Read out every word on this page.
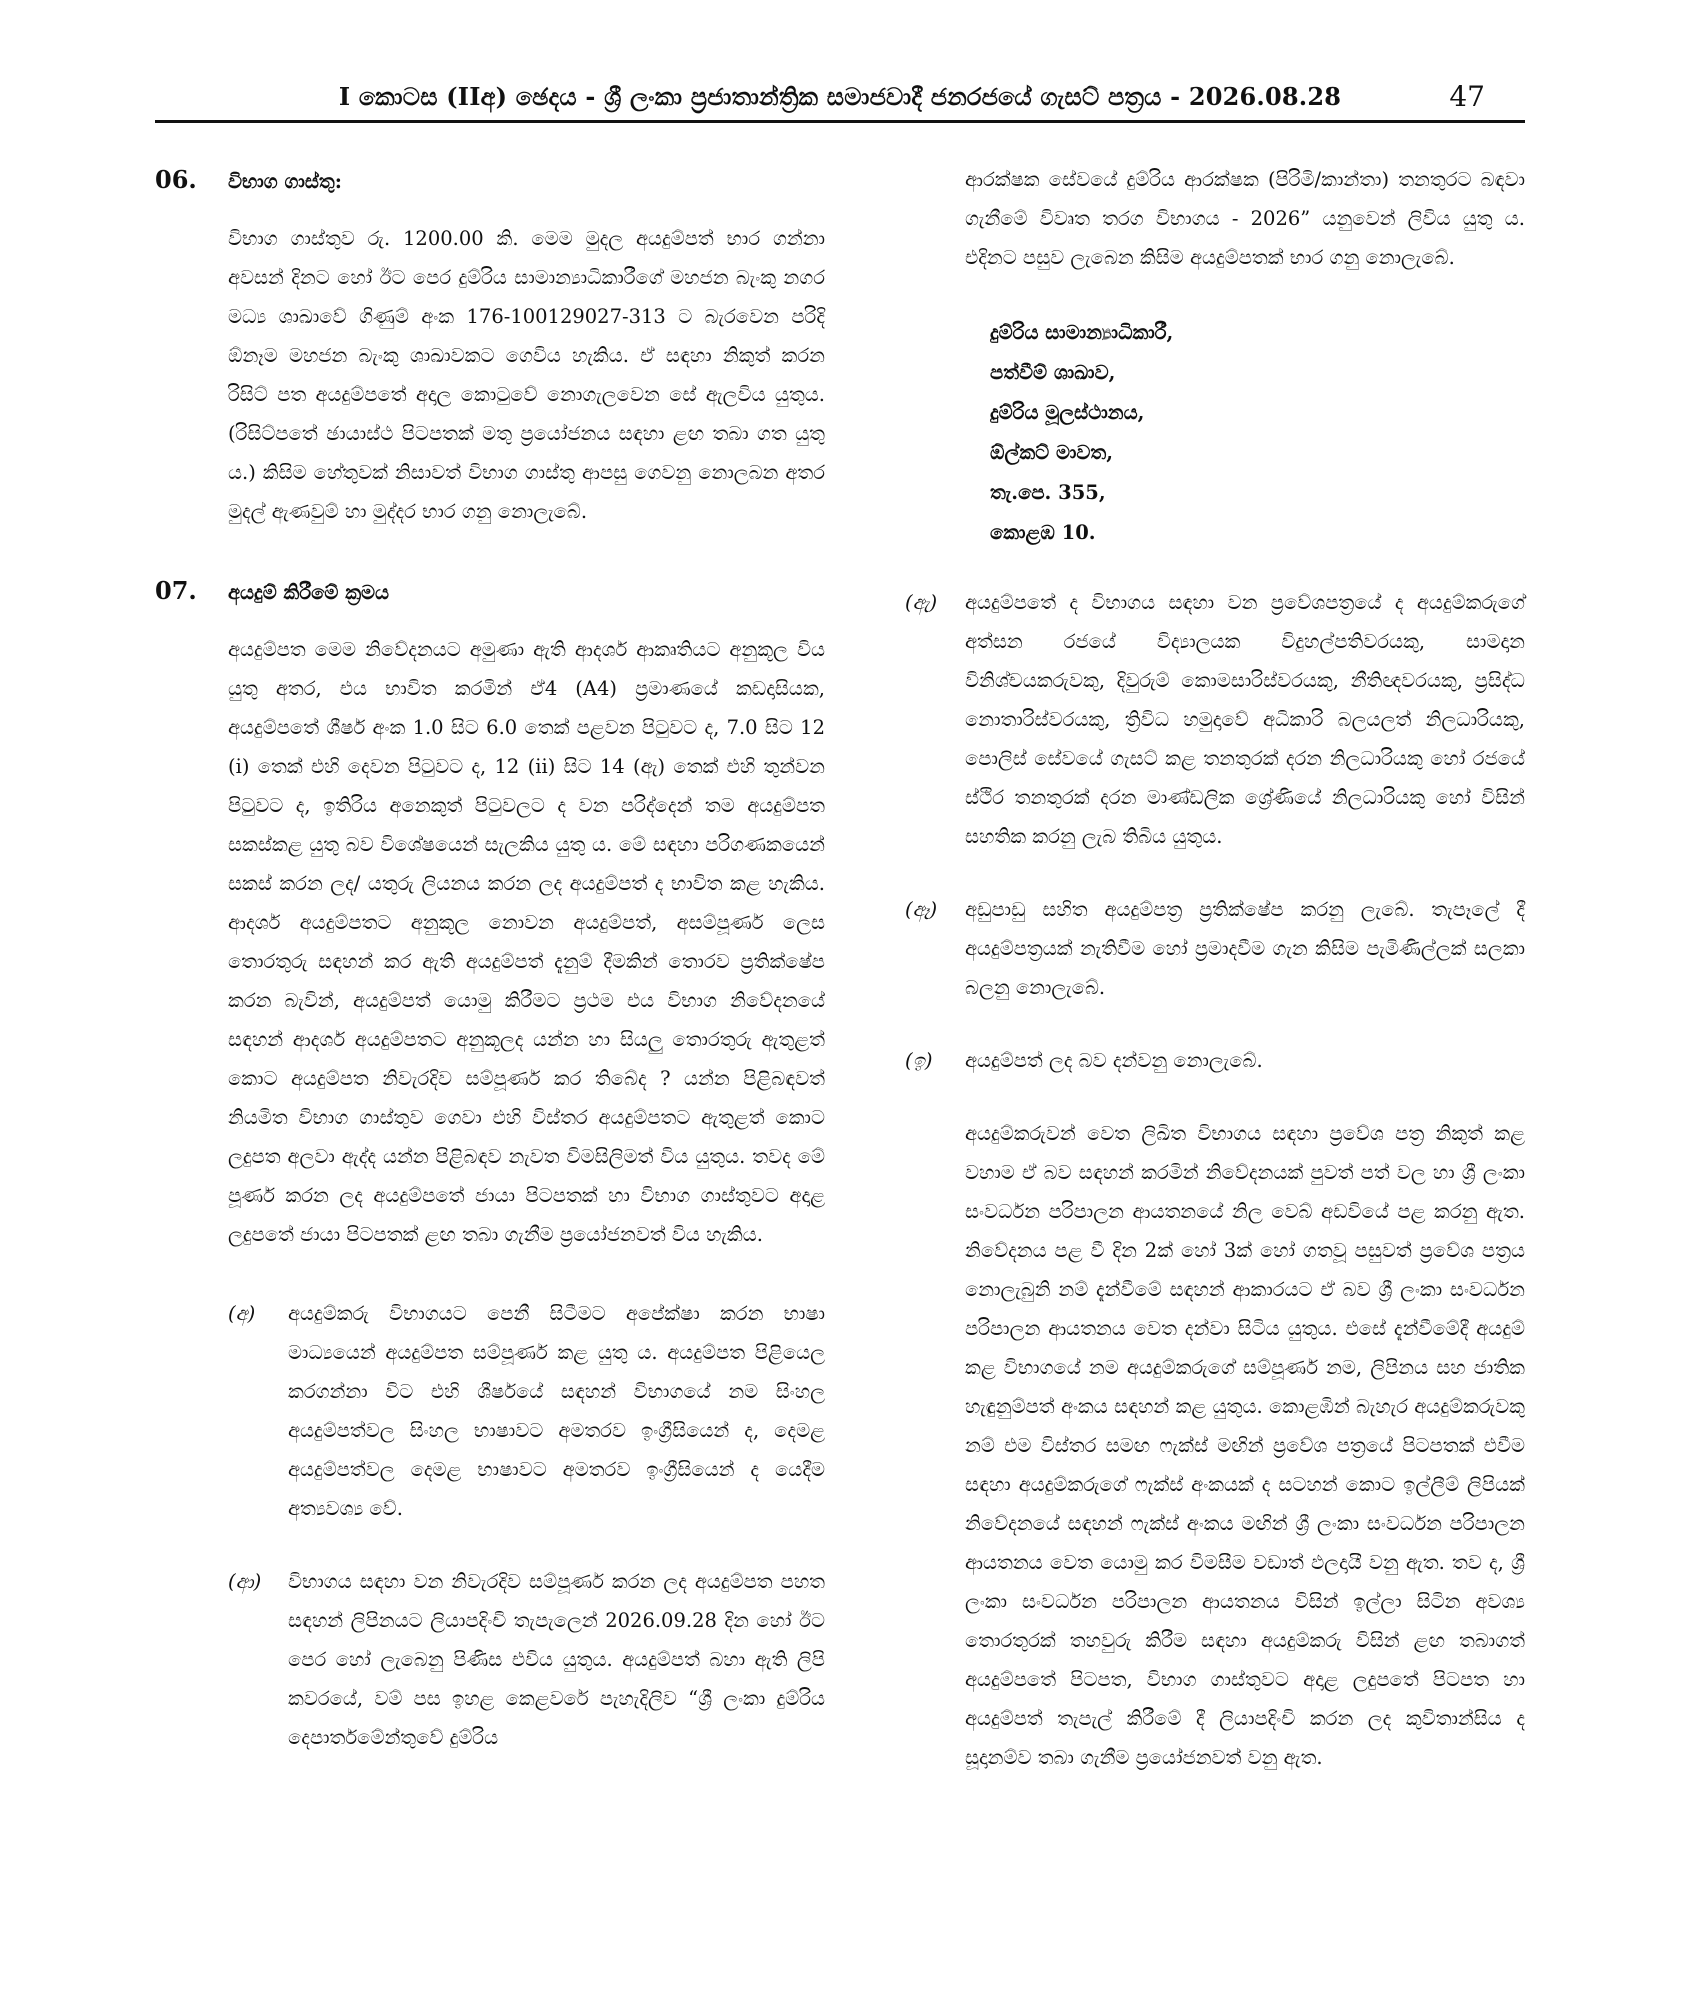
I කොටස (IIඅ) ඡෙදය - ශ්‍රී ලංකා ප්‍රජාතාන්ත්‍රික සමාජවාදී ජනරජයේ ගැසට් පත්‍රය - 2026.08.28	47
06.	විභාග ගාස්තු:

විභාග ගාස්තුව රු. 1200.00 කි. මෙම මුදල අයදුම්පත් භාර ගන්නා අවසන් දිනට හෝ ඊට පෙර දුම්රිය සාමාන්‍යාධිකාරීගේ මහජන බැංකු නගර මධ්‍ය ශාඛාවේ ගිණුම් අංක 176-100129027-313 ට බැරවෙන පරිදි ඕනෑම මහජන බැංකු ශාඛාවකට ගෙවිය හැකිය. ඒ සඳහා නිකුත් කරන රිසිට් පත අයදුම්පතේ අදාල කොටුවේ නොගැලවෙන සේ ඇලවිය යුතුය.(රිසිට්පතේ ඡායාස්ථ පිටපතක් මතු ප්‍රයෝජනය සඳහා ළඟ තබා ගත යුතු ය.) කිසිම හේතුවක් නිසාවත් විභාග ගාස්තු ආපසු ගෙවනු නොලබන අතර මුදල් ඇණවුම් හා මුද්දර භාර ගනු නොලැබේ.

07.	අයදුම් කිරීමේ ක්‍රමය

අයදුම්පත මෙම නිවේදනයට අමුණා ඇති ආදර්ශ ආකෘතියට අනුකූල විය යුතු අතර, එය භාවිත කරමින් ඒ4 (A4) ප්‍රමාණයේ කඩදාසියක, අයදුම්පතේ ශීර්ෂ අංක 1.0 සිට 6.0 තෙක් පළවන පිටුවට ද, 7.0 සිට 12 (i) තෙක් එහි දෙවන පිටුවට ද, 12 (ii) සිට 14 (ඇ) තෙක් එහි තුන්වන පිටුවට ද, ඉතිරිය අනෙකුත් පිටුවලට ද වන පරිද්දෙන් තම අයදුම්පත සකස්කළ යුතු බව විශේෂයෙන් සැලකිය යුතු ය. මේ සඳහා පරිගණකයෙන් සකස් කරන ලද/ යතුරු ලියනය කරන ලද අයදුම්පත් ද භාවිත කළ හැකිය. ආදර්ශ අයදුම්පතට අනුකූල නොවන අයදුම්පත්, අසම්පූර්ණ ලෙස තොරතුරු සඳහන් කර ඇති අයදුම්පත් දැනුම් දීමකින් තොරව ප්‍රතික්ෂේප කරන බැවින්, අයදුම්පත් යොමු කිරීමට ප්‍රථම එය විභාග නිවේදනයේ සඳහන් ආදර්ශ අයදුම්පතට අනුකූලද යන්න හා සියලු තොරතුරු ඇතුළත් කොට අයදුම්පත නිවැරදිව සම්පූර්ණ කර තිබේද ? යන්න පිළිබඳවත් නියමිත විභාග ගාස්තුව ගෙවා එහි විස්තර අයදුම්පතට ඇතුළත් කොට ලදුපත අලවා ඇද්ද යන්න පිළිබඳව නැවත විමසිලිමත් විය යුතුය. තවද මේ පූර්ණ කරන ලද අයදුම්පතේ ජායා පිටපතක් හා විභාග ගාස්තුවට අදාළ ලදුපතේ ජායා පිටපතක් ළඟ තබා ගැනීම ප්‍රයෝජනවත් විය හැකිය.

(අ)	අයදුම්කරු විභාගයට පෙනී සිටීමට අපේක්ෂා කරන භාෂා මාධ්‍යයෙන් අයදුම්පත සම්පූර්ණ කළ යුතු ය. අයදුම්පත පිළියෙල කරගන්නා විට එහි ශීර්ෂයේ සඳහන් විභාගයේ නම සිංහල අයදුම්පත්වල සිංහල භාෂාවට අමතරව ඉංග්‍රීසියෙන් ද, දෙමළ අයදුම්පත්වල දෙමළ භාෂාවට අමතරව ඉංග්‍රීසියෙන් ද යෙදීම අත්‍යවශ්‍ය වේ.
(ආ)	විභාගය සඳහා වන නිවැරදිව සම්පූර්ණ කරන ලද අයදුම්පත පහත සඳහන් ලිපිනයට ලියාපදිංචි තැපැලෙන් 2026.09.28 දින හෝ ඊට පෙර හෝ ලැබෙනු පිණිස එවිය යුතුය. අයදුම්පත් බහා ඇති ලිපි කවරයේ, වම් පස ඉහළ කෙළවරේ පැහැදිලිව “ශ්‍රී ලංකා දුම්රිය දෙපාර්තමේන්තුවේ දුම්රිය

ආරක්ෂක සේවයේ දුම්රිය ආරක්ෂක (පිරිමි/කාන්තා) තනතුරට බඳවා ගැනීමේ විවෘත තරග විභාගය - 2026” යනුවෙන් ලිවිය යුතු ය. එදිනට පසුව ලැබෙන කිසිම අයදුම්පතක් භාර ගනු නොලැබේ.

දුම්රිය සාමාන්‍යාධිකාරී,
පත්වීම් ශාඛාව,
දුම්රිය මූලස්ථානය,
ඕල්කට් මාවත,
තැ.පෙ. 355,
කොළඹ 10.
(ඇ)	අයදුම්පතේ ද විභාගය සඳහා වන ප්‍රවේශපත්‍රයේ ද අයදුම්කරුගේ අත්සන රජයේ විද්‍යාලයක විදුහල්පතිවරයකු, සාමදාන විනිශ්චයකරුවකු, දිවුරුම් කොමසාරිස්වරයකු, නීතිඥවරයකු, ප්‍රසිද්ධ නොතාරිස්වරයකු, ත්‍රිවිධ හමුදාවේ අධිකාරි බලයලත් නිලධාරියකු, පොලිස් සේවයේ ගැසට් කළ තනතුරක් දරන නිලධාරියකු හෝ රජයේ ස්ථිර තනතුරක් දරන මාණ්ඩලික ශ්‍රේණියේ නිලධාරියකු හෝ විසින් සහතික කරනු ලැබ තිබිය යුතුය.
(ඈ)	අඩුපාඩු සහිත අයදුම්පත්‍ර ප්‍රතික්ෂේප කරනු ලැබේ. තැපෑලේ දී අයදුම්පත්‍රයක් නැතිවීම හෝ ප්‍රමාදවීම ගැන කිසිම පැමිණිල්ලක් සලකා බලනු නොලැබේ.
(ඉ)	අයදුම්පත් ලද බව දන්වනු නොලැබේ.

අයදුම්කරුවන් වෙත ලිඛිත විභාගය සඳහා ප්‍රවේශ පත්‍ර නිකුත් කළ වහාම ඒ බව සඳහන් කරමින් නිවේදනයක් පුවත් පත් වල හා ශ්‍රී ලංකා සංවර්ධන පරිපාලන ආයතනයේ නිල වෙබ් අඩවියේ පළ කරනු ඇත. නිවේදනය පළ වී දින 2ක් හෝ 3ක් හෝ ගතවූ පසුවත් ප්‍රවේශ පත්‍රය නොලැබුනි නම් දැන්වීමේ සඳහන් ආකාරයට ඒ බව ශ්‍රී ලංකා සංවර්ධන පරිපාලන ආයතනය වෙත දන්වා සිටිය යුතුය. එසේ දැන්වීමේදී අයදුම් කළ විභාගයේ නම අයදුම්කරුගේ සම්පූර්ණ නම, ලිපිනය සහ ජාතික හැඳුනුම්පත් අංකය සඳහන් කළ යුතුය. කොළඹින් බැහැර අයදුම්කරුවකු නම් එම විස්තර සමඟ ෆැක්ස් මඟින් ප්‍රවේශ පත්‍රයේ පිටපතක් එවීම සඳහා අයදුම්කරුගේ ෆැක්ස් අංකයක් ද සටහන් කොට ඉල්ලීම් ලිපියක් නිවේදනයේ සඳහන් ෆැක්ස් අංකය මඟින් ශ්‍රී ලංකා සංවර්ධන පරිපාලන ආයතනය වෙත යොමු කර විමසීම වඩාත් ඵලදායී වනු ඇත. තව ද, ශ්‍රී ලංකා සංවර්ධන පරිපාලන ආයතනය විසින් ඉල්ලා සිටින අවශ්‍ය තොරතුරක් තහවුරු කිරීම සඳහා අයදුම්කරු විසින් ළඟ තබාගත් අයදුම්පතේ පිටපත, විභාග ගාස්තුවට අදාළ ලදුපතේ පිටපත හා අයදුම්පත් තැපැල් කිරීමේ දී ලියාපදිංචි කරන ලද කුවිතාන්සිය ද සූදානම්ව තබා ගැනීම ප්‍රයෝජනවත් වනු ඇත.
